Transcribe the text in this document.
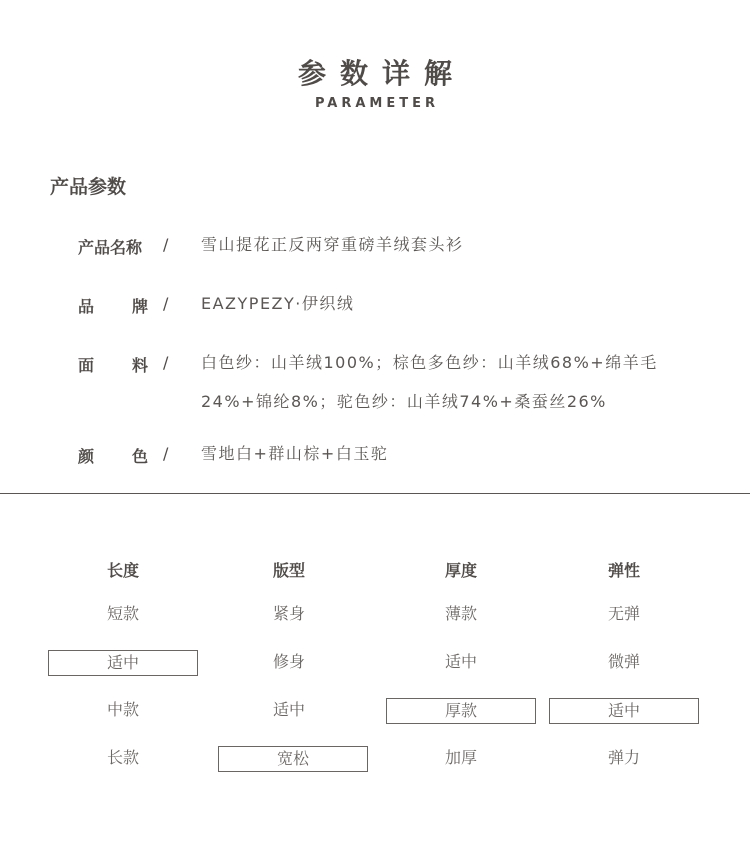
参数详解
PARAMETER
产品参数
产品名称 / 雪山提花正反两穿重磅羊绒套头衫
品 牌 / EAZYPEZY·伊织绒
面 料 / 白色纱：山羊绒100%；棕色多色纱：山羊绒68%+绵羊毛
24%+锦纶8%；驼色纱：山羊绒74%+桑蚕丝26%
颜 色 / 雪地白+群山棕+白玉驼
长度
短款
适中
中款
长款
版型
紧身
修身
适中
宽松
厚度
薄款
适中
厚款
加厚
弹性
无弹
微弹
适中
弹力
